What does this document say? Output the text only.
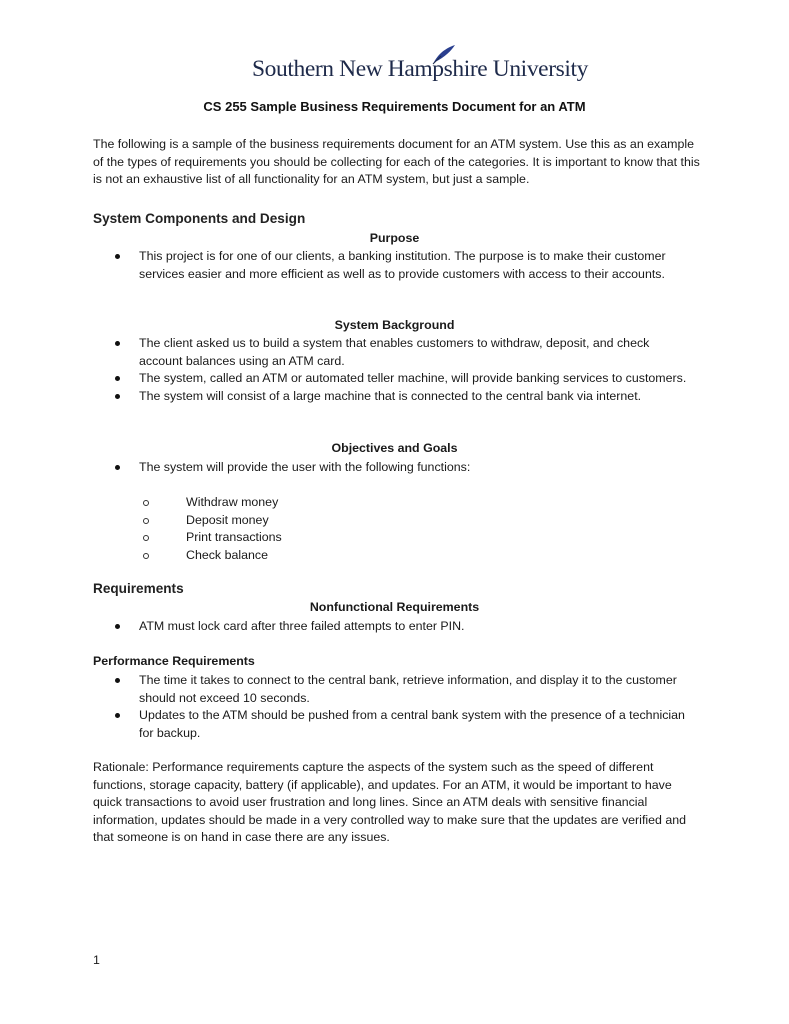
Southern New Hampshire University
CS 255 Sample Business Requirements Document for an ATM

The following is a sample of the business requirements document for an ATM system. Use this as an example of the types of requirements you should be collecting for each of the categories. It is important to know that this is not an exhaustive list of all functionality for an ATM system, but just a sample.

System Components and Design
Purpose
This project is for one of our clients, a banking institution. The purpose is to make their customer services easier and more efficient as well as to provide customers with access to their accounts.
System Background
The client asked us to build a system that enables customers to withdraw, deposit, and check account balances using an ATM card.
The system, called an ATM or automated teller machine, will provide banking services to customers.
The system will consist of a large machine that is connected to the central bank via internet.
Objectives and Goals
The system will provide the user with the following functions:
Withdraw money
Deposit money
Print transactions
Check balance
Requirements
Nonfunctional Requirements
ATM must lock card after three failed attempts to enter PIN.
Performance Requirements
The time it takes to connect to the central bank, retrieve information, and display it to the customer should not exceed 10 seconds.
Updates to the ATM should be pushed from a central bank system with the presence of a technician for backup.

Rationale: Performance requirements capture the aspects of the system such as the speed of different functions, storage capacity, battery (if applicable), and updates. For an ATM, it would be important to have quick transactions to avoid user frustration and long lines. Since an ATM deals with sensitive financial information, updates should be made in a very controlled way to make sure that the updates are verified and that someone is on hand in case there are any issues.

1
